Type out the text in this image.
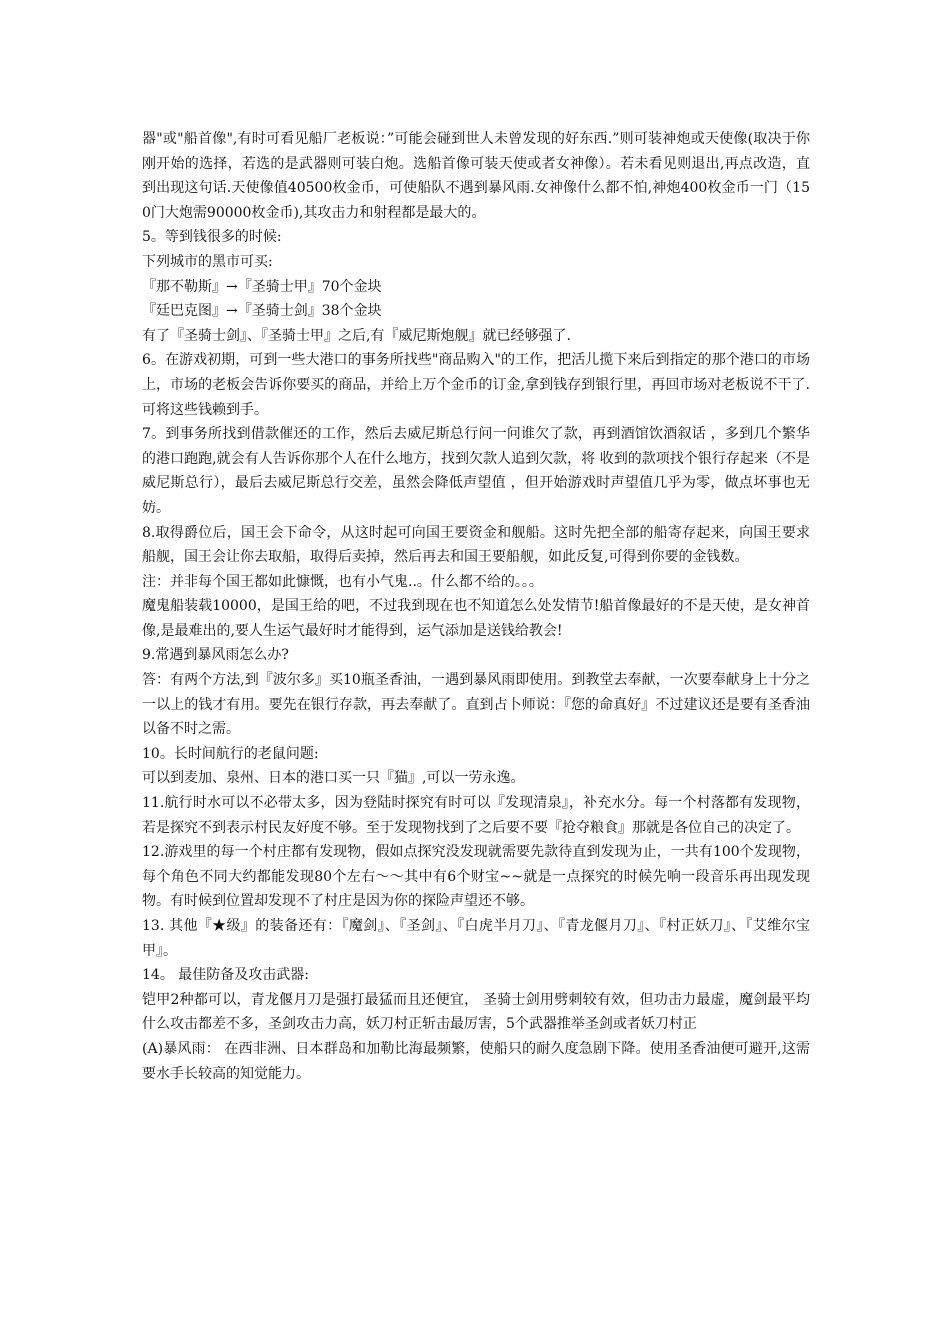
器"或"船首像",有时可看见船厂老板说：”可能会碰到世人未曾发现的好东西.”则可装神炮或天使像(取决于你刚开始的选择，若选的是武器则可装白炮。选船首像可装天使或者女神像）。若未看见则退出,再点改造，直到出现这句话.天使像值40500枚金币，可使船队不遇到暴风雨.女神像什么都不怕,神炮400枚金币一门（150门大炮需90000枚金币),其攻击力和射程都是最大的。

5。等到钱很多的时候:

下列城市的黑市可买:

『那不勒斯』→『圣骑士甲』70个金块

『廷巴克图』→『圣骑士剑』38个金块

有了『圣骑士剑』、『圣骑士甲』之后,有『威尼斯炮舰』就已经够强了.

6。在游戏初期，可到一些大港口的事务所找些"商品购入"的工作，把活儿揽下来后到指定的那个港口的市场上，市场的老板会告诉你要买的商品，并给上万个金币的订金,拿到钱存到银行里，再回市场对老板说不干了.可将这些钱赖到手。

7。到事务所找到借款催还的工作，然后去威尼斯总行问一问谁欠了款，再到酒馆饮酒叙话 ，多到几个繁华的港口跑跑,就会有人告诉你那个人在什么地方，找到欠款人追到欠款，将 收到的款项找个银行存起来（不是威尼斯总行），最后去威尼斯总行交差，虽然会降低声望值 ，但开始游戏时声望值几乎为零，做点坏事也无妨。

8.取得爵位后，国王会下命令，从这时起可向国王要资金和舰船。这时先把全部的船寄存起来，向国王要求船舰，国王会让你去取船，取得后卖掉，然后再去和国王要船舰，如此反复,可得到你要的金钱数。

注：并非每个国王都如此慷慨，也有小气鬼..。什么都不给的。。。

魔鬼船装载10000，是国王给的吧，不过我到现在也不知道怎么处发情节!船首像最好的不是天使，是女神首像,是最难出的,要人生运气最好时才能得到，运气添加是送钱给教会!

9.常遇到暴风雨怎么办?

答：有两个方法,到『波尔多』买10瓶圣香油，一遇到暴风雨即使用。到教堂去奉献，一次要奉献身上十分之一以上的钱才有用。要先在银行存款，再去奉献了。直到占卜师说：『您的命真好』不过建议还是要有圣香油以备不时之需。

10。长时间航行的老鼠问题:

可以到麦加、泉州、日本的港口买一只『猫』,可以一劳永逸。

11.航行时水可以不必带太多，因为登陆时探究有时可以『发现清泉』，补充水分。每一个村落都有发现物，若是探究不到表示村民友好度不够。至于发现物找到了之后要不要『抢夺粮食』那就是各位自己的决定了。

12.游戏里的每一个村庄都有发现物，假如点探究没发现就需要先款待直到发现为止，一共有100个发现物，每个角色不同大约都能发现80个左右～～其中有6个财宝~~就是一点探究的时候先响一段音乐再出现发现物。有时候到位置却发现不了村庄是因为你的探险声望还不够。

13. 其他『★级』的装备还有：『魔剑』、『圣剑』、『白虎半月刀』、『青龙偃月刀』、『村正妖刀』、『艾维尔宝甲』。

14。 最佳防备及攻击武器:

铠甲2种都可以，青龙偃月刀是强打最猛而且还便宜， 圣骑士剑用劈刺较有效，但功击力最虚，魔剑最平均什么攻击都差不多，圣剑攻击力高，妖刀村正斩击最厉害，5个武器推举圣剑或者妖刀村正

(A)暴风雨： 在西非洲、日本群岛和加勒比海最频繁，使船只的耐久度急剧下降。使用圣香油便可避开,这需要水手长较高的知觉能力。
